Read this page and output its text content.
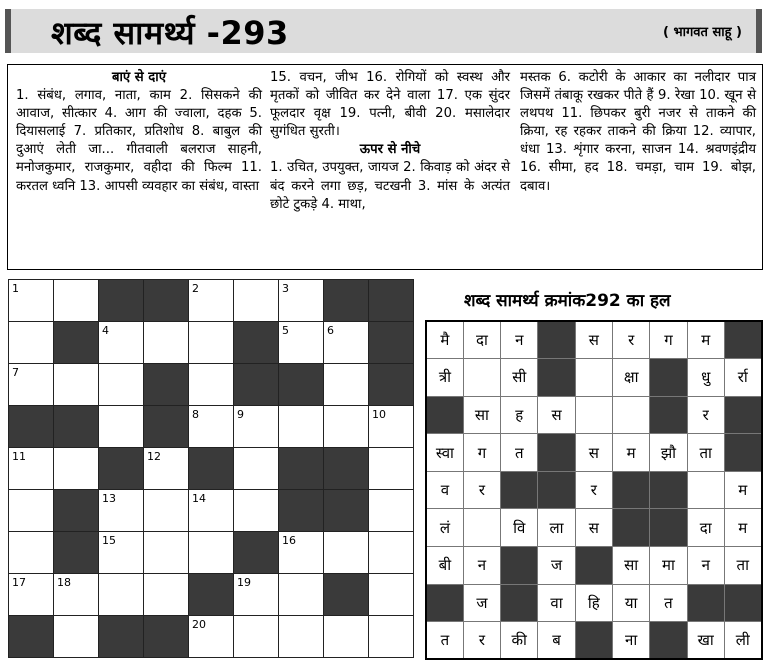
शब्द सामर्थ्य -293	( भागवत साहू )
बाएं से दाएं
1. संबंध, लगाव, नाता, काम 2. सिसकने की आवाज, सीत्कार 4. आग की ज्वाला, दहक 5. दियासलाई 7. प्रतिकार, प्रतिशोध 8. बाबुल की दुआएं लेती जा... गीतवाली बलराज साहनी, मनोजकुमार, राजकुमार, वहीदा की फिल्म 11. करतल ध्वनि 13. आपसी व्यवहार का संबंध, वास्ता
15. वचन, जीभ 16. रोगियों को स्वस्थ और मृतकों को जीवित कर देने वाला 17. एक सुंदर फूलदार वृक्ष 19. पत्नी, बीवी 20. मसालेदार सुगंधित सुरती।
ऊपर से नीचे
1. उचित, उपयुक्त, जायज 2. किवाड़ को अंदर से बंद करने लगा छड़, चटखनी 3. मांस के अत्यंत छोटे टुकड़े 4. माथा,
मस्तक 6. कटोरी के आकार का नलीदार पात्र जिसमें तंबाकू रखकर पीते हैं 9. रेखा 10. खून से लथपथ 11. छिपकर बुरी नजर से ताकने की क्रिया, रह रहकर ताकने की क्रिया 12. व्यापार, धंधा 13. शृंगार करना, साजन 14. श्रवणइंद्रीय 16. सीमा, हद 18. चमड़ा, चाम 19. बोझ, दबाव।
1				2		3		

		4				5	6	

7								

				8	9			10

11			12					

		13		14				

		15				16		

17	18				19			

				20				

शब्द सामर्थ्य क्रमांक292 का हल
मै	दा	न		स	र	ग	म	
त्री		सी			क्षा		धु	र्रा
	सा	ह	स				र	
स्वा	ग	त		स	म	झौ	ता	
व	र			र				म
लं		वि	ला	स			दा	म
बी	न		ज		सा	मा	न	ता
	ज		वा	हि	या	त		
त	र	की	ब		ना		खा	ली
